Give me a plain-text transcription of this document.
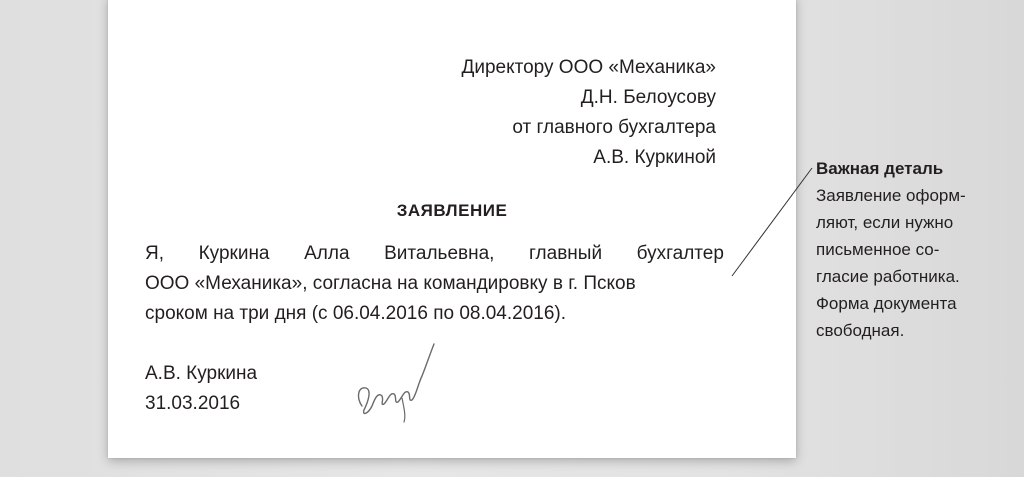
Директору ООО «Механика»
Д.Н. Белоусову
от главного бухгалтера
А.В. Куркиной
ЗАЯВЛЕНИЕ
Я, Куркина Алла Витальевна, главный бухгалтер
ООО «Механика», согласна на командировку в г. Псков
сроком на три дня (с 06.04.2016 по 08.04.2016).
А.В. Куркина
31.03.2016
Важная деталь
Заявление оформ-
ляют, если нужно
письменное со-
гласие работника.
Форма документа
свободная.
